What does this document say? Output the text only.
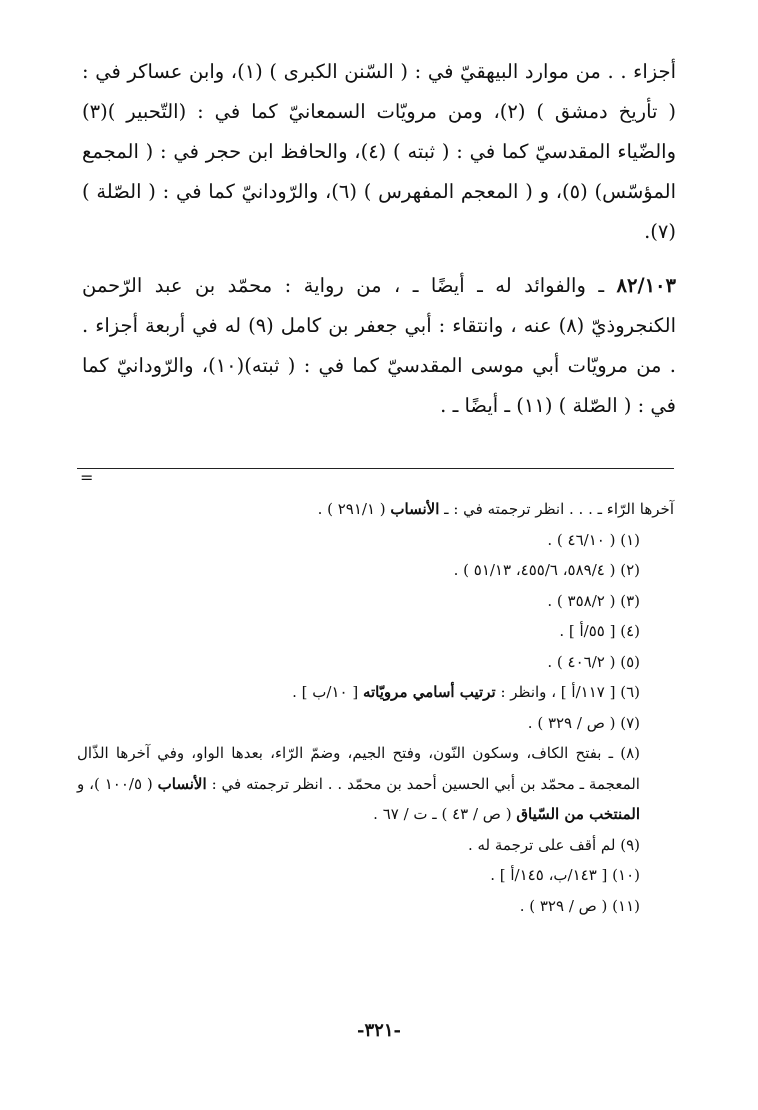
أجزاء . . من موارد البيهقيّ في : ( السّنن الكبرى ) (١)، وابن عساكر في : ( تأريخ دمشق ) (٢)، ومن مرويّات السمعانيّ كما في : (التّحبير )(٣) والضّياء المقدسيّ كما في : ( ثبته ) (٤)، والحافظ ابن حجر في : ( المجمع المؤسّس) (٥)، و ( المعجم المفهرس ) (٦)، والرّودانيّ كما في : ( الصّلة ) (٧).

٨٢/١٠٣ ـ والفوائد له ـ أيضًا ـ ، من رواية : محمّد بن عبد الرّحمن الكنجروذيّ (٨) عنه ، وانتقاء : أبي جعفر بن كامل (٩) له في أربعة أجزاء . . من مرويّات أبي موسى المقدسيّ كما في : ( ثبته)(١٠)، والرّودانيّ كما في : ( الصّلة ) (١١) ـ أيضًا ـ .

=
آخرها الرّاء ـ . . . انظر ترجمته في : ـ الأنساب ( ٢٩١/١ ) .
(١) ( ٤٦/١٠ ) .
(٢) ( ٥٨٩/٤، ٤٥٥/٦، ٥١/١٣ ) .
(٣) ( ٣٥٨/٢ ) .
(٤) [ ٥٥/أ ] .
(٥) ( ٤٠٦/٢ ) .
(٦) [ ١١٧/أ ] ، وانظر : ترتيب أسامي مرويّاته [ ١٠/ب ] .
(٧) ( ص / ٣٢٩ ) .
(٨) ـ بفتح الكاف، وسكون النّون، وفتح الجيم، وضمّ الرّاء، بعدها الواو، وفي آخرها الذّال المعجمة ـ محمّد بن أبي الحسين أحمد بن محمّد . . انظر ترجمته في : الأنساب ( ١٠٠/٥ )، و المنتخب من السّياق ( ص / ٤٣ ) ـ ت / ٦٧ .
(٩) لم أقف على ترجمة له .
(١٠) [ ١٤٣/ب، ١٤٥/أ ] .
(١١) ( ص / ٣٢٩ ) .
-٣٢١-
